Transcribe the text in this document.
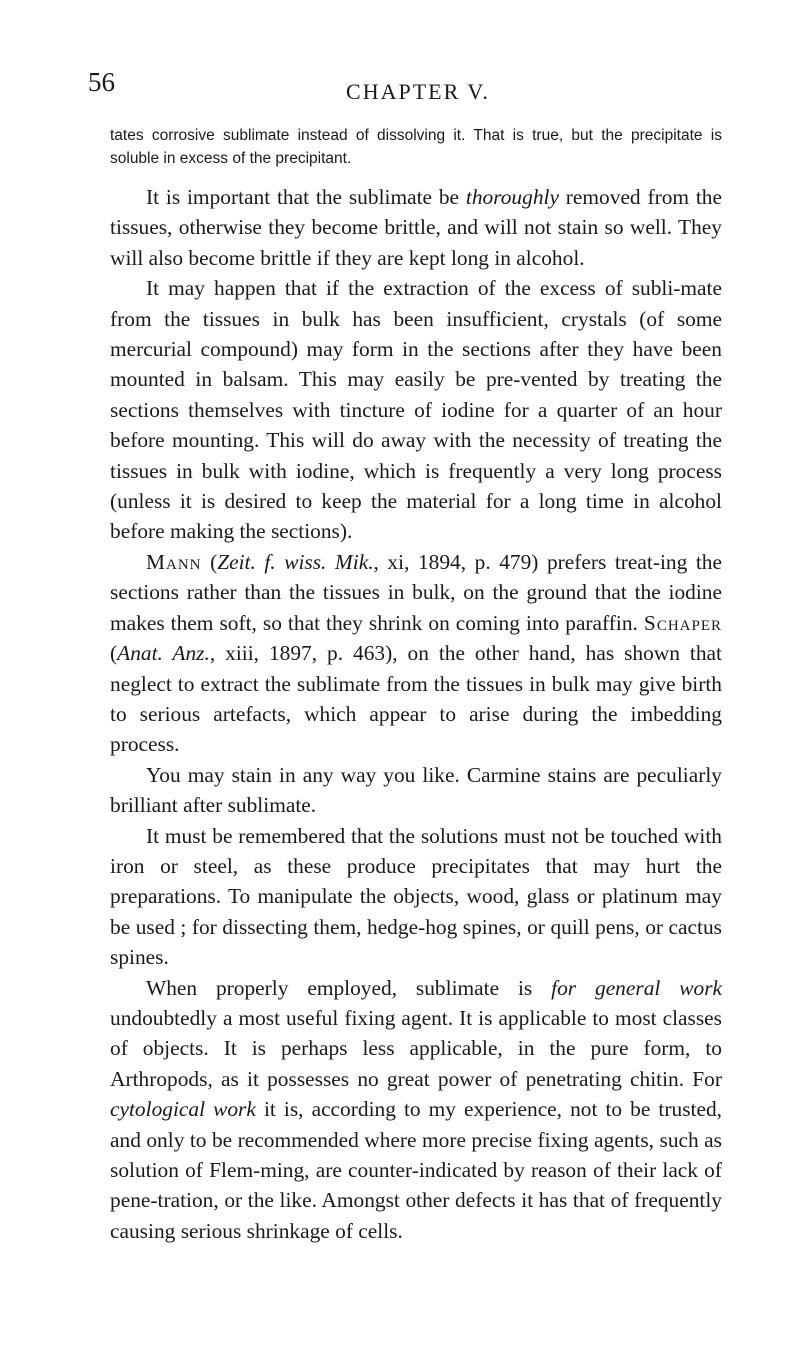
56	CHAPTER V.

tates corrosive sublimate instead of dissolving it. That is true, but the precipitate is soluble in excess of the precipitant.

It is important that the sublimate be thoroughly removed from the tissues, otherwise they become brittle, and will not stain so well. They will also become brittle if they are kept long in alcohol.

It may happen that if the extraction of the excess of subli-mate from the tissues in bulk has been insufficient, crystals (of some mercurial compound) may form in the sections after they have been mounted in balsam. This may easily be pre-vented by treating the sections themselves with tincture of iodine for a quarter of an hour before mounting. This will do away with the necessity of treating the tissues in bulk with iodine, which is frequently a very long process (unless it is desired to keep the material for a long time in alcohol before making the sections).

Mann (Zeit. f. wiss. Mik., xi, 1894, p. 479) prefers treat-ing the sections rather than the tissues in bulk, on the ground that the iodine makes them soft, so that they shrink on coming into paraffin. Schaper (Anat. Anz., xiii, 1897, p. 463), on the other hand, has shown that neglect to extract the sublimate from the tissues in bulk may give birth to serious artefacts, which appear to arise during the imbedding process.

You may stain in any way you like. Carmine stains are peculiarly brilliant after sublimate.

It must be remembered that the solutions must not be touched with iron or steel, as these produce precipitates that may hurt the preparations. To manipulate the objects, wood, glass or platinum may be used ; for dissecting them, hedge-hog spines, or quill pens, or cactus spines.

When properly employed, sublimate is for general work undoubtedly a most useful fixing agent. It is applicable to most classes of objects. It is perhaps less applicable, in the pure form, to Arthropods, as it possesses no great power of penetrating chitin. For cytological work it is, according to my experience, not to be trusted, and only to be recommended where more precise fixing agents, such as solution of Flem-ming, are counter-indicated by reason of their lack of pene-tration, or the like. Amongst other defects it has that of frequently causing serious shrinkage of cells.
